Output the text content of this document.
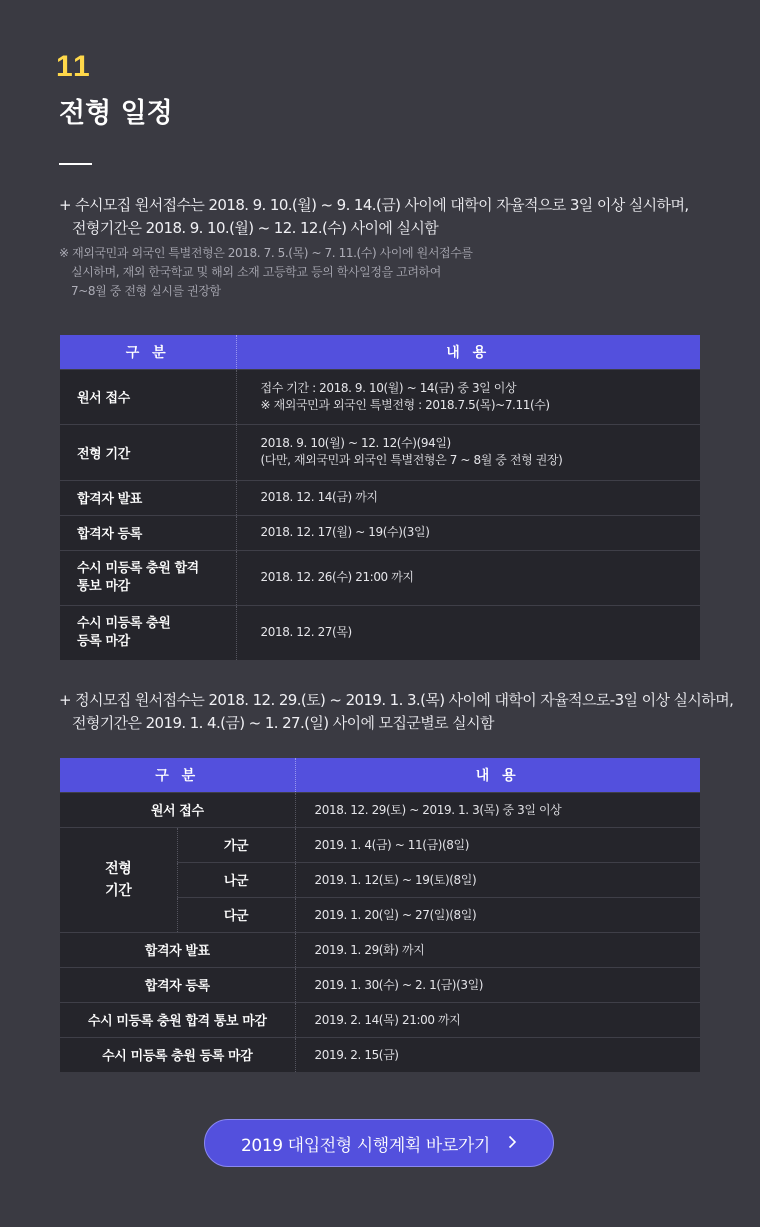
11
전형 일정
+ 수시모집 원서접수는 2018. 9. 10.(월) ~ 9. 14.(금) 사이에 대학이 자율적으로 3일 이상 실시하며,
전형기간은 2018. 9. 10.(월) ~ 12. 12.(수) 사이에 실시함
※ 재외국민과 외국인 특별전형은 2018. 7. 5.(목) ~ 7. 11.(수) 사이에 원서접수를
실시하며, 재외 한국학교 및 해외 소재 고등학교 등의 학사일정을 고려하여
7~8월 중 전형 실시를 권장함
구 분	내 용
원서 접수	접수 기간 : 2018. 9. 10(월) ~ 14(금) 중 3일 이상
※ 재외국민과 외국인 특별전형 : 2018.7.5(목)~7.11(수)

전형 기간	2018. 9. 10(월) ~ 12. 12(수)(94일)
(다만, 재외국민과 외국인 특별전형은 7 ~ 8월 중 전형 권장)

합격자 발표	2018. 12. 14(금) 까지
합격자 등록	2018. 12. 17(월) ~ 19(수)(3일)

수시 미등록 충원 합격
통보 마감	2018. 12. 26(수) 21:00 까지

수시 미등록 충원
등록 마감	2018. 12. 27(목)
+ 정시모집 원서접수는 2018. 12. 29.(토) ~ 2019. 1. 3.(목) 사이에 대학이 자율적으로-3일 이상 실시하며,
전형기간은 2019. 1. 4.(금) ~ 1. 27.(일) 사이에 모집군별로 실시함
구 분		내 용
원서 접수		2018. 12. 29(토) ~ 2019. 1. 3(목) 중 3일 이상

전형
기간	가군	2019. 1. 4(금) ~ 11(금)(8일)
	나군	2019. 1. 12(토) ~ 19(토)(8일)
	다군	2019. 1. 20(일) ~ 27(일)(8일)
합격자 발표		2019. 1. 29(화) 까지
합격자 등록		2019. 1. 30(수) ~ 2. 1(금)(3일)
수시 미등록 충원 합격 통보 마감		2019. 2. 14(목) 21:00 까지
수시 미등록 충원 등록 마감		2019. 2. 15(금)
2019 대입전형 시행계획 바로가기
